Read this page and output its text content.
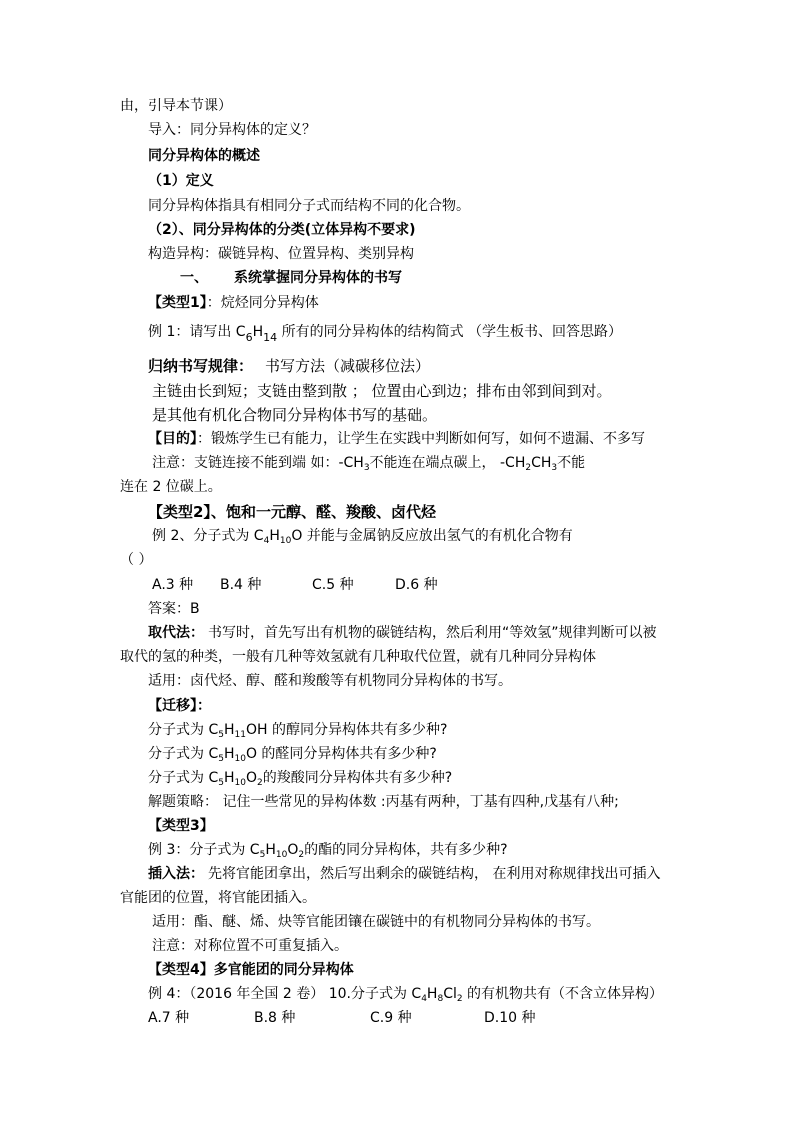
由，引导本节课）
导入：同分异构体的定义？
同分异构体的概述
（1）定义
同分异构体指具有相同分子式而结构不同的化合物。
（2）、同分异构体的分类(立体异构不要求)
构造异构：碳链异构、位置异构、类别异构
一、 系统掌握同分异构体的书写
【类型1】：烷烃同分异构体
例 1：请写出 $C_6H_{14}$ 所有的同分异构体的结构简式 （学生板书、回答思路）
归纳书写规律： 书写方法（减碳移位法）
主链由长到短；支链由整到散 ； 位置由心到边；排布由邻到间到对。
是其他有机化合物同分异构体书写的基础。
【目的】：锻炼学生已有能力，让学生在实践中判断如何写，如何不遗漏、不多写
注意：支链连接不能到端 如：$-CH_3$不能连在端点碳上， $-CH_2CH_3$不能
连在 2 位碳上。
【类型2】、饱和一元醇、醛、羧酸、卤代烃
例 2、分子式为 $C_4H_{10}O$ 并能与金属钠反应放出氢气的有机化合物有
（ ）
A.3 种 B.4 种	C.5 种	D.6 种
答案：B
取代法： 书写时，首先写出有机物的碳链结构，然后利用“等效氢”规律判断可以被
取代的氢的种类，一般有几种等效氢就有几种取代位置，就有几种同分异构体
适用：卤代烃、醇、醛和羧酸等有机物同分异构体的书写。
【迁移】：
分子式为 $C_5H_{11}OH$ 的醇同分异构体共有多少种?
分子式为 $C_5H_{10}O$ 的醛同分异构体共有多少种?
分子式为 $C_5H_{10}O_2$的羧酸同分异构体共有多少种?
解题策略： 记住一些常见的异构体数 :丙基有两种，丁基有四种,戊基有八种;
【类型3】
例 3：分子式为 $C_5H_{10}O_2$的酯的同分异构体，共有多少种?
插入法： 先将官能团拿出，然后写出剩余的碳链结构， 在利用对称规律找出可插入
官能团的位置，将官能团插入。
适用：酯、醚、烯、炔等官能团镶在碳链中的有机物同分异构体的书写。
注意：对称位置不可重复插入。
【类型4】多官能团的同分异构体
例 4：（2016 年全国 2 卷） 10.分子式为 $C_4H_8Cl_2$ 的有机物共有（不含立体异构）
A.7 种	B.8 种	C.9 种	D.10 种
